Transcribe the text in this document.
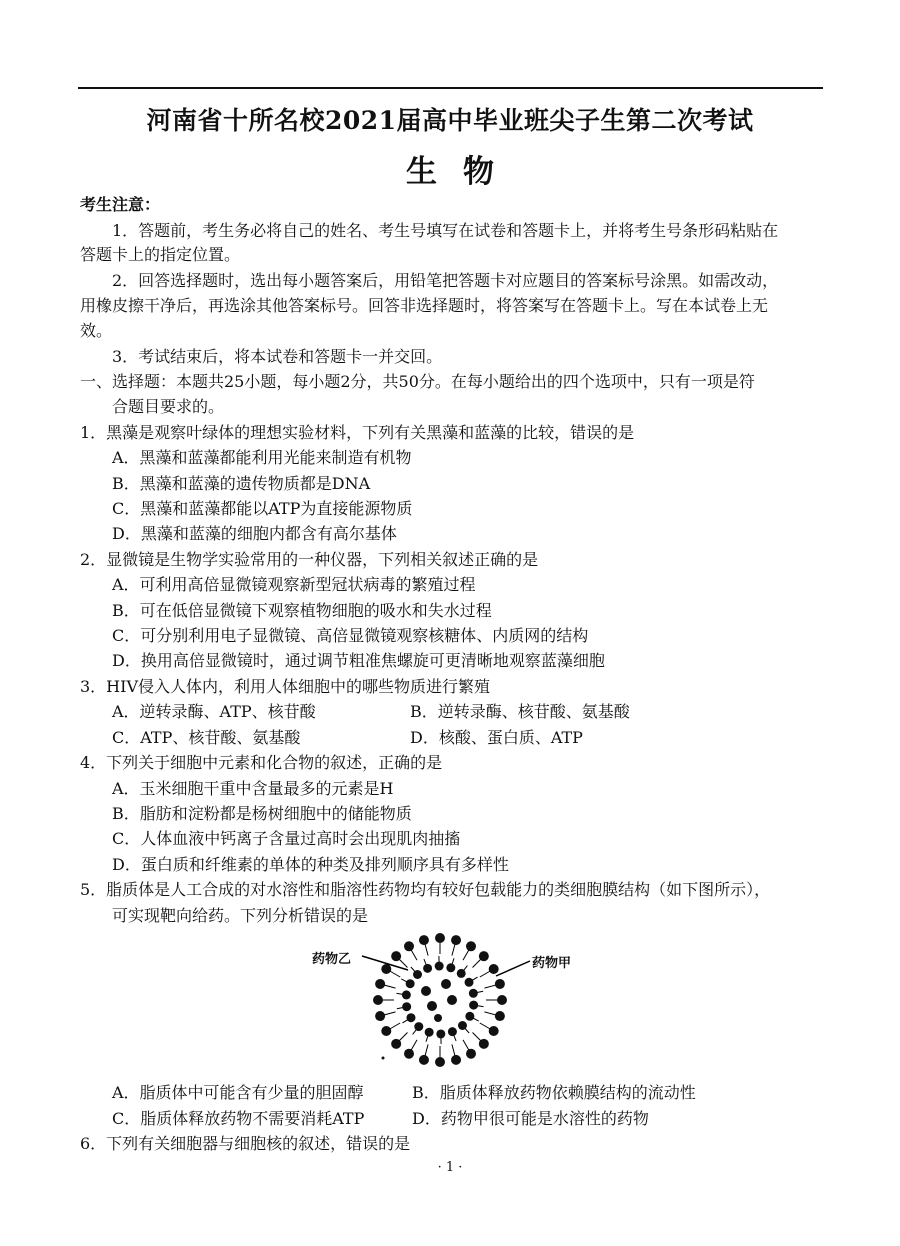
河南省十所名校2021届高中毕业班尖子生第二次考试
生物
考生注意：
1．答题前，考生务必将自己的姓名、考生号填写在试卷和答题卡上，并将考生号条形码粘贴在
答题卡上的指定位置。
2．回答选择题时，选出每小题答案后，用铅笔把答题卡对应题目的答案标号涂黑。如需改动，
用橡皮擦干净后，再选涂其他答案标号。回答非选择题时，将答案写在答题卡上。写在本试卷上无
效。
3．考试结束后，将本试卷和答题卡一并交回。
一、选择题：本题共25小题，每小题2分，共50分。在每小题给出的四个选项中，只有一项是符
合题目要求的。
1．黑藻是观察叶绿体的理想实验材料，下列有关黑藻和蓝藻的比较，错误的是
A．黑藻和蓝藻都能利用光能来制造有机物
B．黑藻和蓝藻的遗传物质都是DNA
C．黑藻和蓝藻都能以ATP为直接能源物质
D．黑藻和蓝藻的细胞内都含有高尔基体
2．显微镜是生物学实验常用的一种仪器，下列相关叙述正确的是
A．可利用高倍显微镜观察新型冠状病毒的繁殖过程
B．可在低倍显微镜下观察植物细胞的吸水和失水过程
C．可分别利用电子显微镜、高倍显微镜观察核糖体、内质网的结构
D．换用高倍显微镜时，通过调节粗准焦螺旋可更清晰地观察蓝藻细胞
3．HIV侵入人体内，利用人体细胞中的哪些物质进行繁殖
A．逆转录酶、ATP、核苷酸	B．逆转录酶、核苷酸、氨基酸
C．ATP、核苷酸、氨基酸	D．核酸、蛋白质、ATP
4．下列关于细胞中元素和化合物的叙述，正确的是
A．玉米细胞干重中含量最多的元素是H
B．脂肪和淀粉都是杨树细胞中的储能物质
C．人体血液中钙离子含量过高时会出现肌肉抽搐
D．蛋白质和纤维素的单体的种类及排列顺序具有多样性
5．脂质体是人工合成的对水溶性和脂溶性药物均有较好包载能力的类细胞膜结构（如下图所示），
可实现靶向给药。下列分析错误的是
药物乙	药物甲
A．脂质体中可能含有少量的胆固醇	B．脂质体释放药物依赖膜结构的流动性
C．脂质体释放药物不需要消耗ATP	D．药物甲很可能是水溶性的药物
6．下列有关细胞器与细胞核的叙述，错误的是
· 1 ·
